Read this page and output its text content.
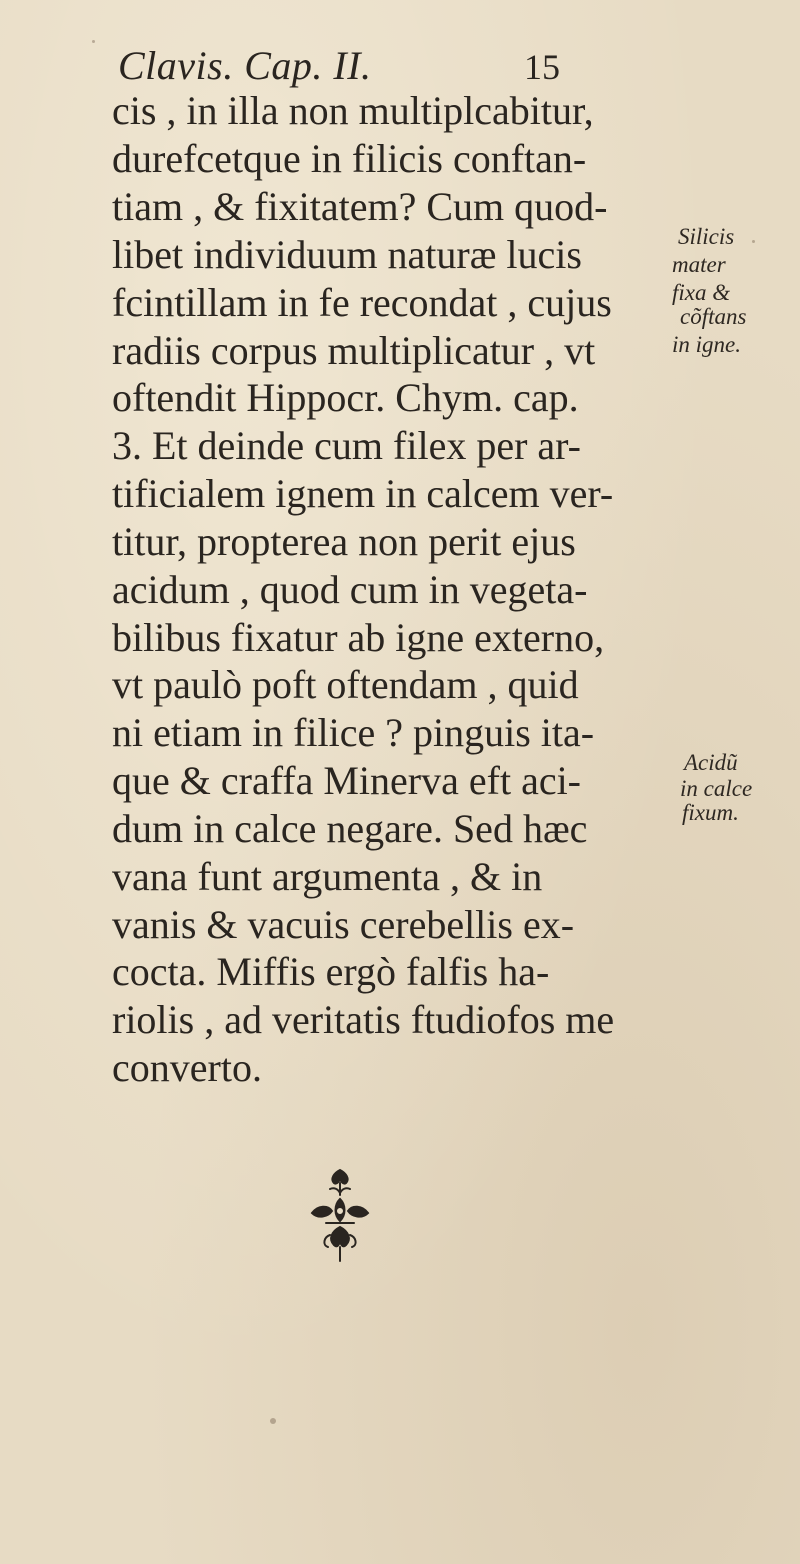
Clavis. Cap. II.	15
cis , in illa non multiplcabitur,
durefcetque in filicis conftan-
tiam , & fixitatem? Cum quod-
libet individuum naturæ lucis
fcintillam in fe recondat , cujus
radiis corpus multiplicatur , vt
oftendit Hippocr. Chym. cap.
3. Et deinde cum filex per ar-
tificialem ignem in calcem ver-
titur, propterea non perit ejus
acidum , quod cum in vegeta-
bilibus fixatur ab igne externo,
vt paulò poft oftendam , quid
ni etiam in filice ? pinguis ita-
que & craffa Minerva eft aci-
dum in calce negare. Sed hæc
vana funt argumenta , & in
vanis & vacuis cerebellis ex-
cocta. Miffis ergò falfis ha-
riolis , ad veritatis ftudiofos me
converto.
Silicis
mater
fixa &
cõftans
in igne.
Acidũ
in calce
fixum.
